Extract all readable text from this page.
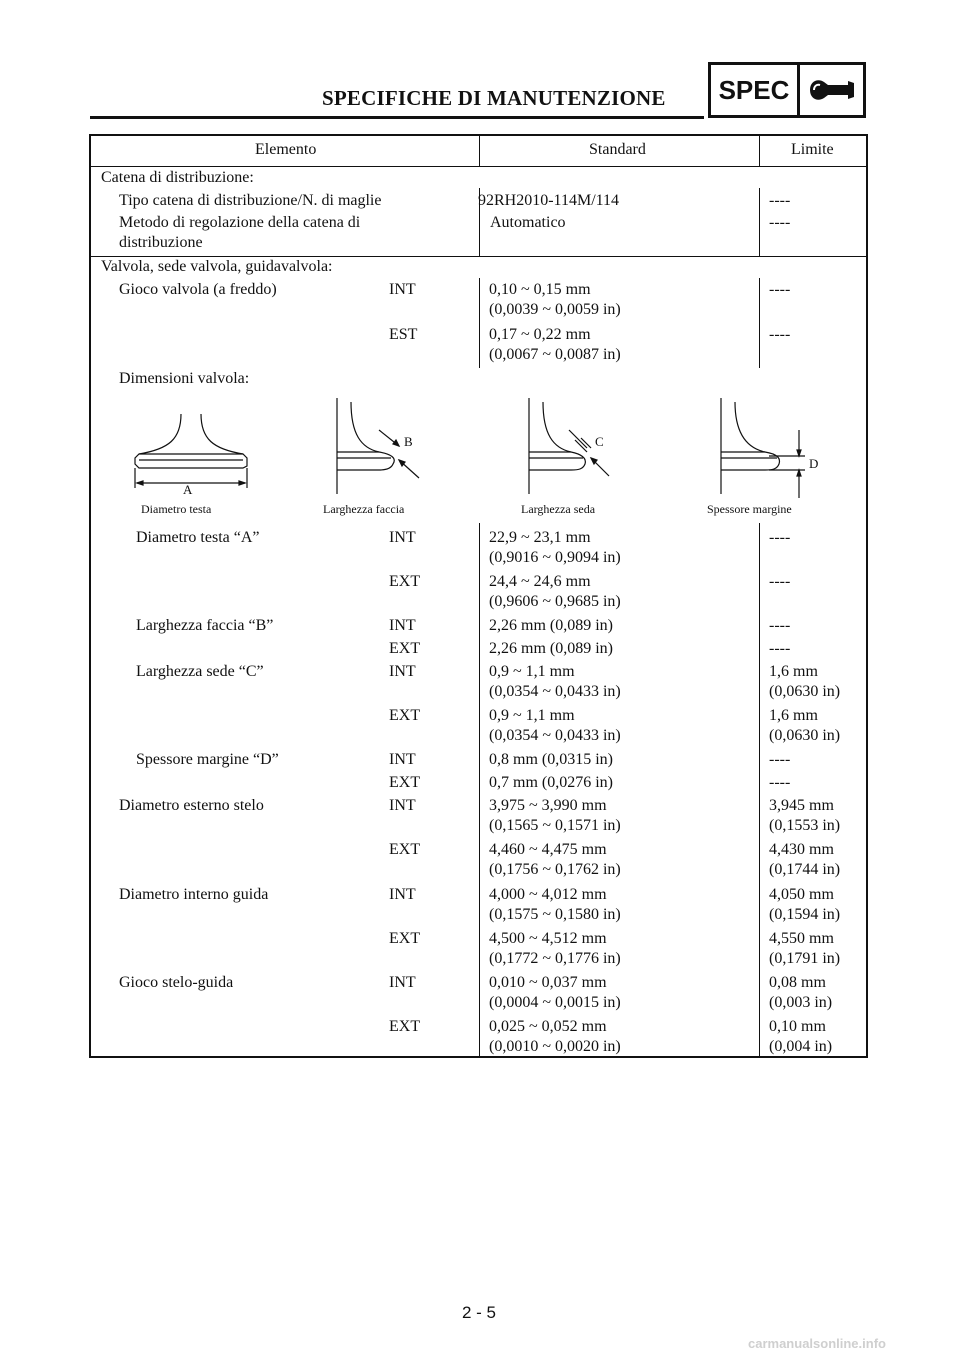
SPECIFICHE DI MANUTENZIONE SPEC
Elemento	Standard	Limite
Catena di distribuzione:
Tipo catena di distribuzione/N. di maglie	92RH2010-114M/114	----
Metodo di regolazione della catena di	Automatico	----
distribuzione
Valvola, sede valvola, guidavalvola:
Gioco valvola (a freddo)	INT	0,10 ~ 0,15 mm	----
(0,0039 ~ 0,0059 in)
EST	0,17 ~ 0,22 mm	----
(0,0067 ~ 0,0087 in)
Dimensioni valvola:
A
B	C
D
Diametro testa	Larghezza faccia	Larghezza seda	Spessore margine
Diametro testa “A”	INT	22,9 ~ 23,1 mm	----
(0,9016 ~ 0,9094 in)
EXT	24,4 ~ 24,6 mm	----
(0,9606 ~ 0,9685 in)
Larghezza faccia “B”	INT	2,26 mm (0,089 in)	----
EXT	2,26 mm (0,089 in)	----
Larghezza sede “C”	INT	0,9 ~ 1,1 mm	1,6 mm
(0,0354 ~ 0,0433 in)	(0,0630 in)
EXT	0,9 ~ 1,1 mm	1,6 mm
(0,0354 ~ 0,0433 in)	(0,0630 in)
Spessore margine “D”	INT	0,8 mm (0,0315 in)	----
EXT	0,7 mm (0,0276 in)	----
Diametro esterno stelo	INT	3,975 ~ 3,990 mm	3,945 mm
(0,1565 ~ 0,1571 in)	(0,1553 in)
EXT	4,460 ~ 4,475 mm	4,430 mm
(0,1756 ~ 0,1762 in)	(0,1744 in)
Diametro interno guida	INT	4,000 ~ 4,012 mm	4,050 mm
(0,1575 ~ 0,1580 in)	(0,1594 in)
EXT	4,500 ~ 4,512 mm	4,550 mm
(0,1772 ~ 0,1776 in)	(0,1791 in)
Gioco stelo-guida	INT	0,010 ~ 0,037 mm	0,08 mm
(0,0004 ~ 0,0015 in)	(0,003 in)
EXT	0,025 ~ 0,052 mm	0,10 mm
(0,0010 ~ 0,0020 in)	(0,004 in)
2 - 5
carmanualsonline.info
